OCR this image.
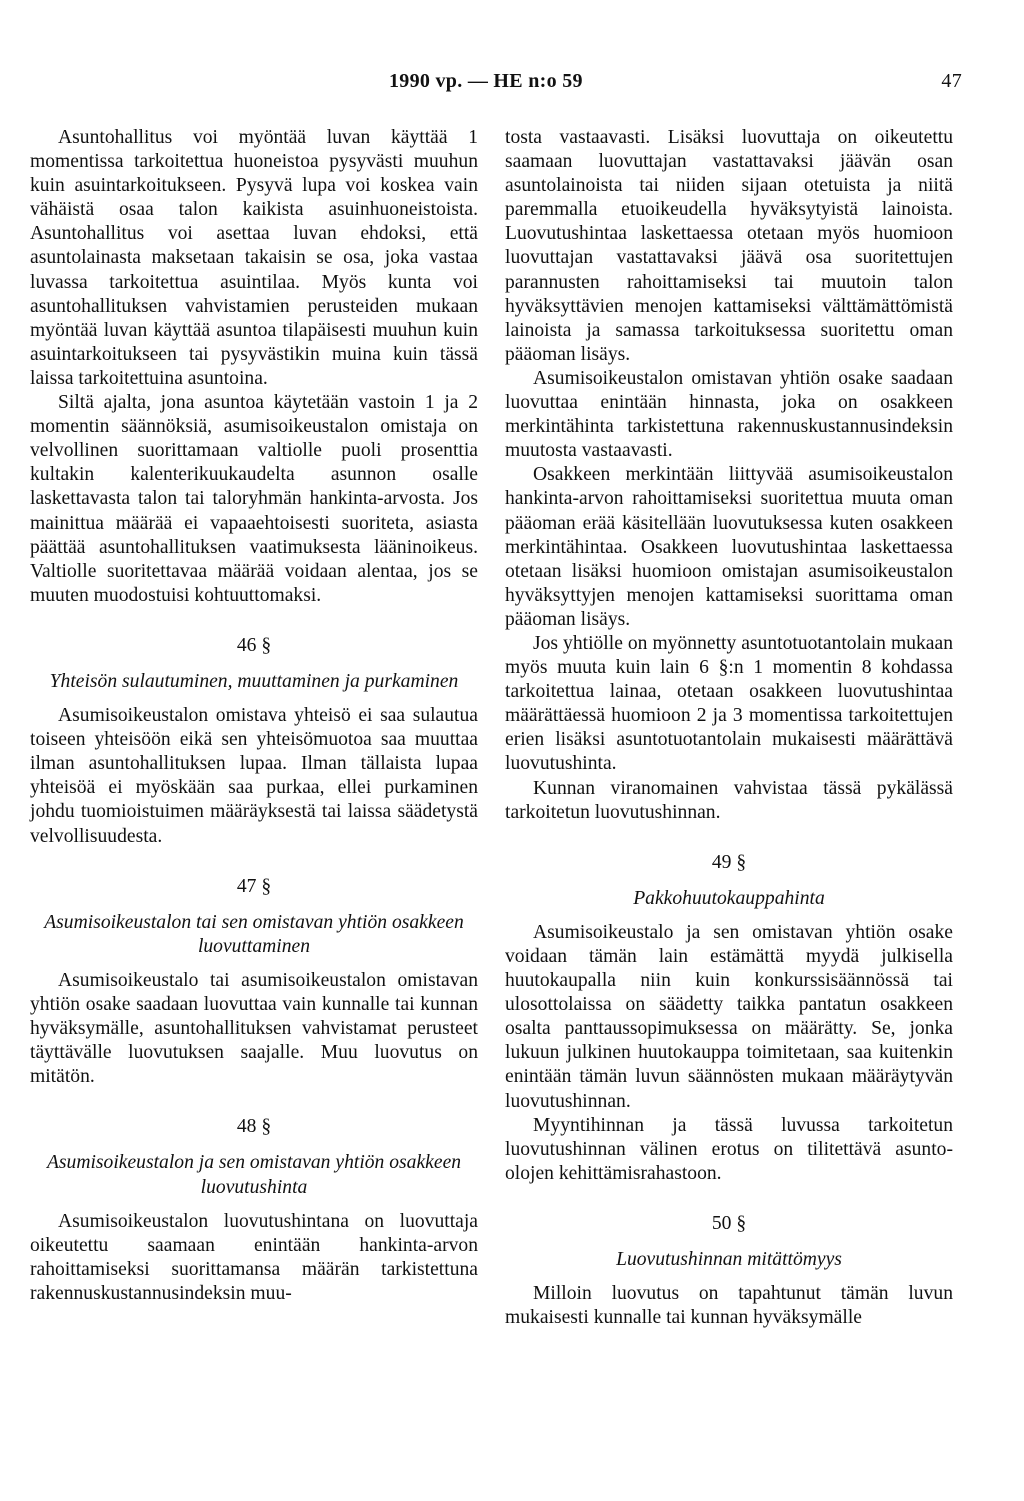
1990 vp. — HE n:o 59	47

Asuntohallitus voi myöntää luvan käyttää 1 momentissa tarkoitettua huoneistoa pysyvästi muuhun kuin asuintarkoitukseen. Pysyvä lupa voi koskea vain vähäistä osaa talon kaikista asuinhuoneistoista. Asuntohallitus voi asettaa luvan ehdoksi, että asuntolainasta maksetaan takaisin se osa, joka vastaa luvassa tarkoitettua asuintilaa. Myös kunta voi asuntohallituksen vahvistamien perusteiden mukaan myöntää luvan käyttää asuntoa tilapäisesti muuhun kuin asuintarkoitukseen tai pysyvästikin muina kuin tässä laissa tarkoitettuina asuntoina.

Siltä ajalta, jona asuntoa käytetään vastoin 1 ja 2 momentin säännöksiä, asumisoikeustalon omistaja on velvollinen suorittamaan valtiolle puoli prosenttia kultakin kalenterikuukaudelta asunnon osalle laskettavasta talon tai taloryhmän hankinta-arvosta. Jos mainittua määrää ei vapaaehtoisesti suoriteta, asiasta päättää asuntohallituksen vaatimuksesta lääninoikeus. Valtiolle suoritettavaa määrää voidaan alentaa, jos se muuten muodostuisi kohtuuttomaksi.

46 §
Yhteisön sulautuminen, muuttaminen ja purkaminen

Asumisoikeustalon omistava yhteisö ei saa sulautua toiseen yhteisöön eikä sen yhteisömuotoa saa muuttaa ilman asuntohallituksen lupaa. Ilman tällaista lupaa yhteisöä ei myöskään saa purkaa, ellei purkaminen johdu tuomioistuimen määräyksestä tai laissa säädetystä velvollisuudesta.

47 §
Asumisoikeustalon tai sen omistavan yhtiön osakkeen luovuttaminen

Asumisoikeustalo tai asumisoikeustalon omistavan yhtiön osake saadaan luovuttaa vain kunnalle tai kunnan hyväksymälle, asuntohallituksen vahvistamat perusteet täyttävälle luovutuksen saajalle. Muu luovutus on mitätön.

48 §
Asumisoikeustalon ja sen omistavan yhtiön osakkeen luovutushinta

Asumisoikeustalon luovutushintana on luovuttaja oikeutettu saamaan enintään hankinta-arvon rahoittamiseksi suorittamansa määrän tarkistettuna rakennuskustannusindeksin muu-

tosta vastaavasti. Lisäksi luovuttaja on oikeutettu saamaan luovuttajan vastattavaksi jäävän osan asuntolainoista tai niiden sijaan otetuista ja niitä paremmalla etuoikeudella hyväksytyistä lainoista. Luovutushintaa laskettaessa otetaan myös huomioon luovuttajan vastattavaksi jäävä osa suoritettujen parannusten rahoittamiseksi tai muutoin talon hyväksyttävien menojen kattamiseksi välttämättömistä lainoista ja samassa tarkoituksessa suoritettu oman pääoman lisäys.

Asumisoikeustalon omistavan yhtiön osake saadaan luovuttaa enintään hinnasta, joka on osakkeen merkintähinta tarkistettuna rakennuskustannusindeksin muutosta vastaavasti.

Osakkeen merkintään liittyvää asumisoikeustalon hankinta-arvon rahoittamiseksi suoritettua muuta oman pääoman erää käsitellään luovutuksessa kuten osakkeen merkintähintaa. Osakkeen luovutushintaa laskettaessa otetaan lisäksi huomioon omistajan asumisoikeustalon hyväksyttyjen menojen kattamiseksi suorittama oman pääoman lisäys.

Jos yhtiölle on myönnetty asuntotuotantolain mukaan myös muuta kuin lain 6 §:n 1 momentin 8 kohdassa tarkoitettua lainaa, otetaan osakkeen luovutushintaa määrättäessä huomioon 2 ja 3 momentissa tarkoitettujen erien lisäksi asuntotuotantolain mukaisesti määrättävä luovutushinta.

Kunnan viranomainen vahvistaa tässä pykälässä tarkoitetun luovutushinnan.

49 §
Pakkohuutokauppahinta

Asumisoikeustalo ja sen omistavan yhtiön osake voidaan tämän lain estämättä myydä julkisella huutokaupalla niin kuin konkurssisäännössä tai ulosottolaissa on säädetty taikka pantatun osakkeen osalta panttaussopimuksessa on määrätty. Se, jonka lukuun julkinen huutokauppa toimitetaan, saa kuitenkin enintään tämän luvun säännösten mukaan määräytyvän luovutushinnan.

Myyntihinnan ja tässä luvussa tarkoitetun luovutushinnan välinen erotus on tilitettävä asunto-olojen kehittämisrahastoon.

50 §
Luovutushinnan mitättömyys

Milloin luovutus on tapahtunut tämän luvun mukaisesti kunnalle tai kunnan hyväksymälle
